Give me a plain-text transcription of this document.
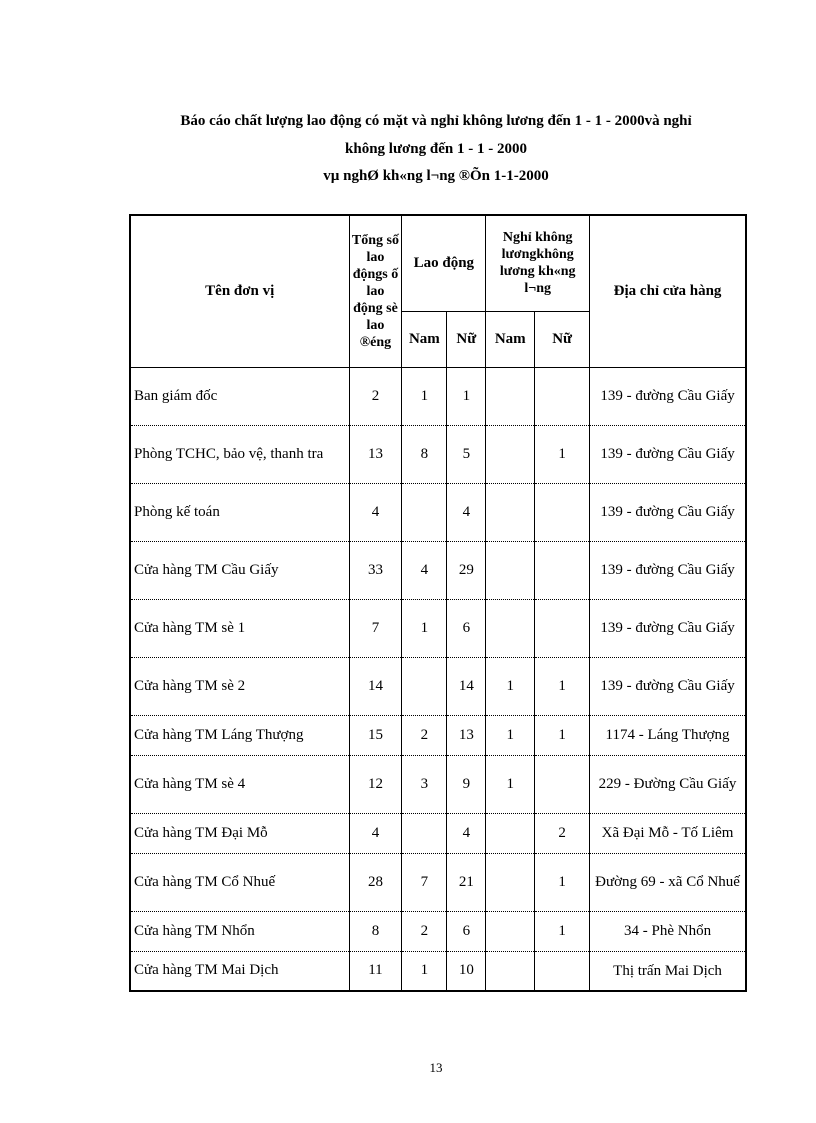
Báo cáo chất lượng lao động có mặt và nghỉ không lương đến 1 - 1 - 2000và nghỉ
không lương đến 1 - 1 - 2000
vµ nghØ kh«ng l¬ng ®Õn 1-1-2000
Tên đơn vị	Tổng số lao độngs ố lao động sè lao ®éng	Lao động		Nghỉ không lươngkhông lương kh«ng l¬ng		Địa chỉ cửa hàng
		Nam	Nữ	Nam	Nữ	
Ban giám đốc	2	1	1			139 - đường Cầu Giấy
Phòng TCHC, bảo vệ, thanh tra	13	8	5		1	139 - đường Cầu Giấy
Phòng kế toán	4		4			139 - đường Cầu Giấy
Cửa hàng TM Cầu Giấy	33	4	29			139 - đường Cầu Giấy
Cửa hàng TM sè 1	7	1	6			139 - đường Cầu Giấy
Cửa hàng TM sè 2	14		14	1	1	139 - đường Cầu Giấy
Cửa hàng TM Láng Thượng	15	2	13	1	1	1174 - Láng Thượng
Cửa hàng TM sè 4	12	3	9	1		229 - Đường Cầu Giấy
Cửa hàng TM Đại Mỗ	4		4		2	Xã Đại Mỗ - Tố Liêm
Cửa hàng TM Cổ Nhuế	28	7	21		1	Đường 69 - xã Cổ Nhuế
Cửa hàng TM Nhổn	8	2	6		1	34 - Phè Nhổn
Cửa hàng TM Mai Dịch	11	1	10			Thị trấn Mai Dịch
13
